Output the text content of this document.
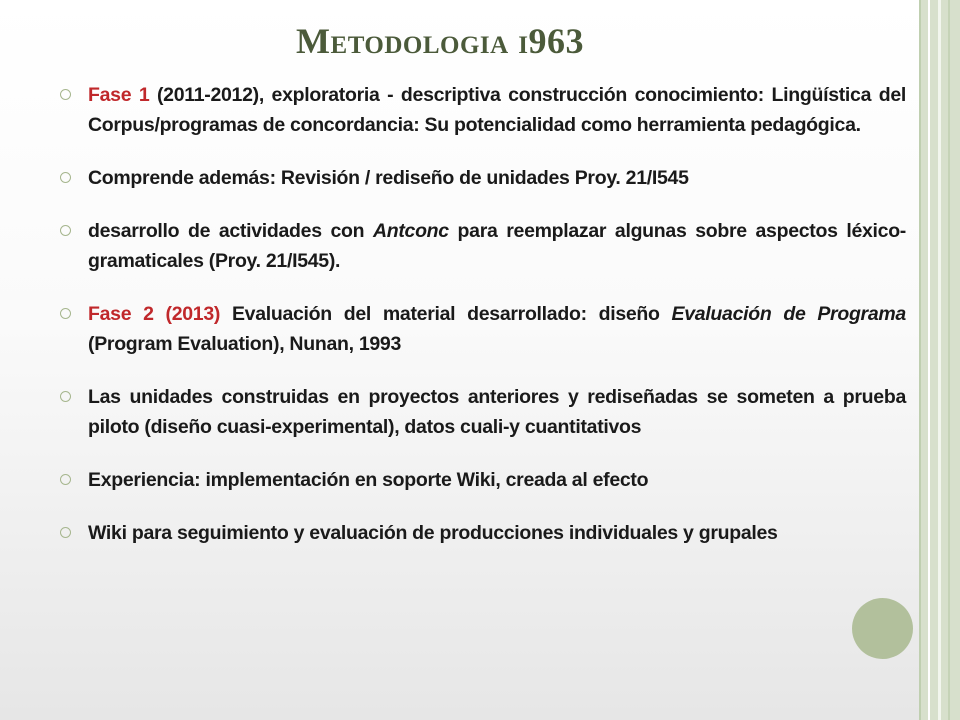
Metodologia i963

Fase 1 (2011-2012), exploratoria - descriptiva construcción conocimiento: Lingüística del Corpus/programas de concordancia: Su potencialidad como herramienta pedagógica.

Comprende además: Revisión / rediseño de unidades Proy. 21/I545

desarrollo de actividades con Antconc para reemplazar algunas sobre aspectos léxico-gramaticales (Proy. 21/I545).

Fase 2 (2013) Evaluación del material desarrollado: diseño Evaluación de Programa (Program Evaluation), Nunan, 1993

Las unidades construidas en proyectos anteriores y rediseñadas se someten a prueba piloto (diseño cuasi-experimental), datos cuali-y cuantitativos

Experiencia: implementación en soporte Wiki, creada al efecto

Wiki para seguimiento y evaluación de producciones individuales y grupales
